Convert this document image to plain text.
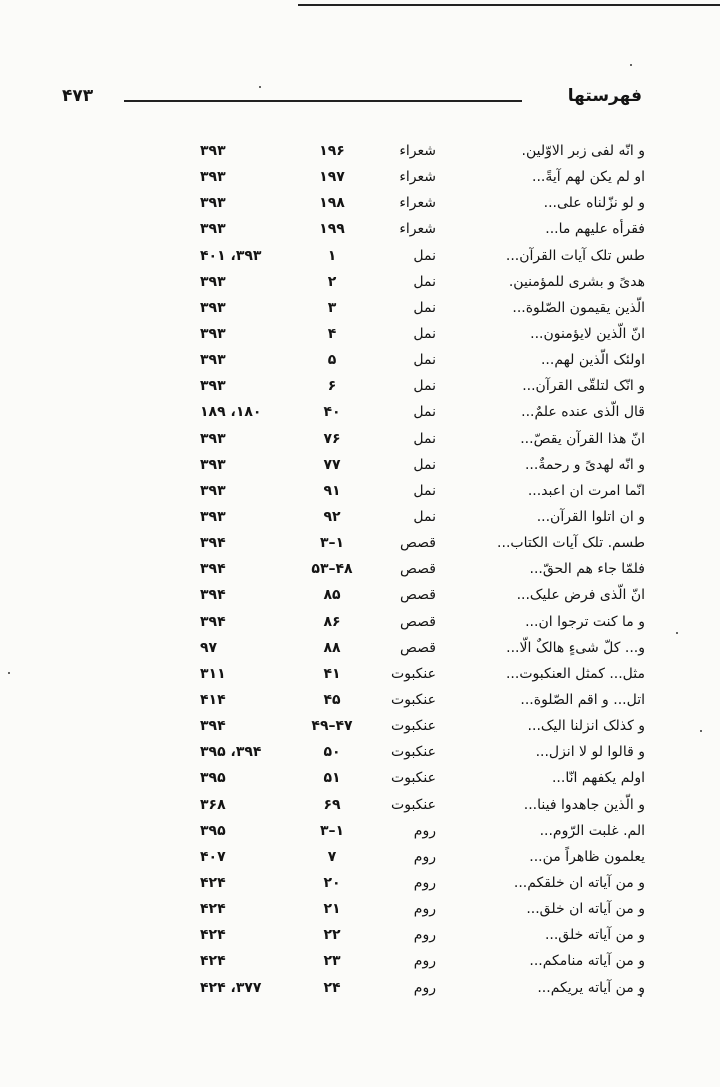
فهرستها
۴۷۳
و انّه لفی زبر الاوّلین.
شعراء
۱۹۶
۳۹۳
او لم یکن لهم آیةً...
شعراء
۱۹۷
۳۹۳
و لو نزّلناه علی...
شعراء
۱۹۸
۳۹۳
فقرأه علیهم ما...
شعراء
۱۹۹
۳۹۳
طس تلک آیات القرآن...
نمل
۱
۳۹۳، ۴۰۱
هدیً و بشری للمؤمنین.
نمل
۲
۳۹۳
الّذین یقیمون الصّلوة...
نمل
۳
۳۹۳
انّ الّذین لایؤمنون...
نمل
۴
۳۹۳
اولئک الّذین لهم...
نمل
۵
۳۹۳
و انّک لتلقّی القرآن...
نمل
۶
۳۹۳
قال الّذی عنده علمٌ...
نمل
۴۰
۱۸۰، ۱۸۹
انّ هذا القرآن یقصّ...
نمل
۷۶
۳۹۳
و انّه لهدیً و رحمةٌ...
نمل
۷۷
۳۹۳
انّما امرت ان اعبد...
نمل
۹۱
۳۹۳
و ان اتلوا القرآن...
نمل
۹۲
۳۹۳
طسم. تلک آیات الکتاب...
قصص
۱–۳
۳۹۴
فلمّا جاء هم الحقّ...
قصص
۴۸–۵۳
۳۹۴
انّ الّذی فرض علیک...
قصص
۸۵
۳۹۴
و ما کنت ترجوا ان...
قصص
۸۶
۳۹۴
و... کلّ شیءٍ هالکٌ الّا...
قصص
۸۸
۹۷
مثل... کمثل العنکبوت...
عنکبوت
۴۱
۳۱۱
اتل... و اقم الصّلوة...
عنکبوت
۴۵
۴۱۴
و کذلک انزلنا الیک...
عنکبوت
۴۷–۴۹
۳۹۴
و قالوا لو لا انزل...
عنکبوت
۵۰
۳۹۴، ۳۹۵
اولم یکفهم انّا...
عنکبوت
۵۱
۳۹۵
و الّذین جاهدوا فینا...
عنکبوت
۶۹
۳۶۸
الم. غلبت الرّوم...
روم
۱–۳
۳۹۵
یعلمون ظاهراً من...
روم
۷
۴۰۷
و من آیاته ان خلقکم...
روم
۲۰
۴۲۴
و من آیاته ان خلق...
روم
۲۱
۴۲۴
و من آیاته خلق...
روم
۲۲
۴۲۴
و من آیاته منامکم...
روم
۲۳
۴۲۴
و من آیاته یریکم...
روم
۲۴
۳۷۷، ۴۲۴
